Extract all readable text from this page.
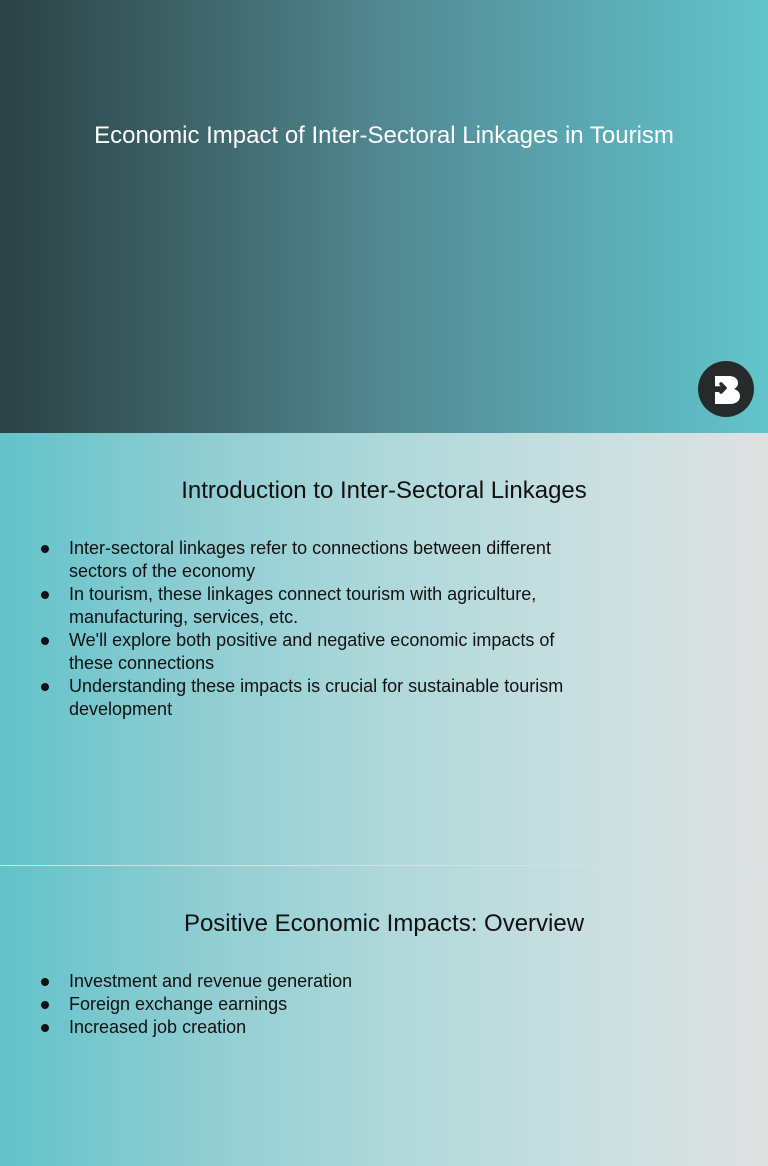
Economic Impact of Inter-Sectoral Linkages in Tourism
Introduction to Inter-Sectoral Linkages
Inter-sectoral linkages refer to connections between different sectors of the economy
In tourism, these linkages connect tourism with agriculture, manufacturing, services, etc.
We'll explore both positive and negative economic impacts of these connections
Understanding these impacts is crucial for sustainable tourism development
Positive Economic Impacts: Overview
Investment and revenue generation
Foreign exchange earnings
Increased job creation
